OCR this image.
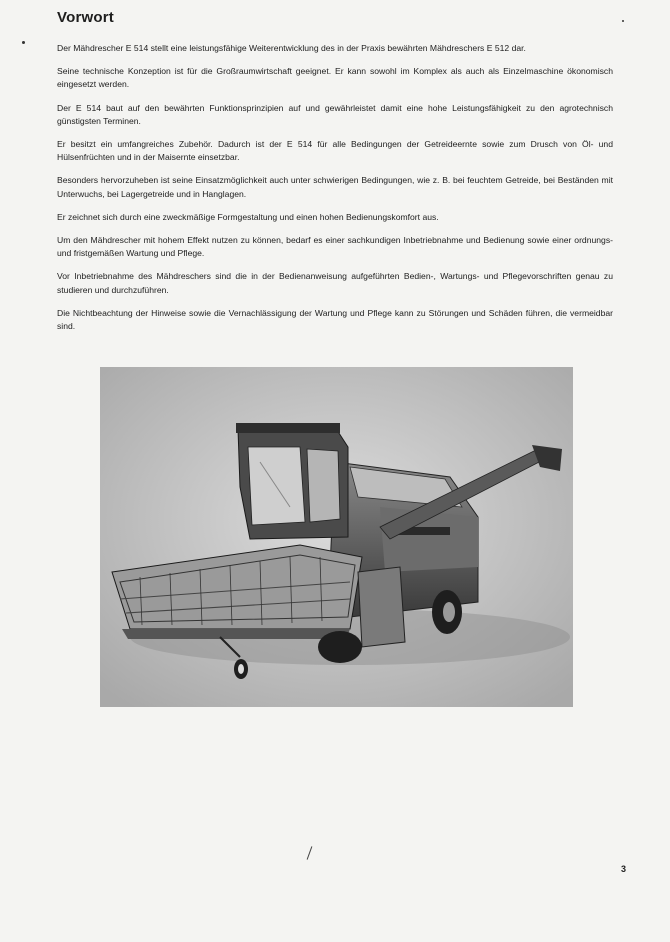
Vorwort

Der Mähdrescher E 514 stellt eine leistungsfähige Weiterentwicklung des in der Praxis bewährten Mähdreschers E 512 dar.

Seine technische Konzeption ist für die Großraumwirtschaft geeignet. Er kann sowohl im Komplex als auch als Einzelmaschine ökonomisch eingesetzt werden.

Der E 514 baut auf den bewährten Funktionsprinzipien auf und gewährleistet damit eine hohe Leistungsfähigkeit zu den agrotechnisch günstigsten Terminen.

Er besitzt ein umfangreiches Zubehör. Dadurch ist der E 514 für alle Bedingungen der Getreideernte sowie zum Drusch von Öl- und Hülsenfrüchten und in der Maisernte einsetzbar.

Besonders hervorzuheben ist seine Einsatzmöglichkeit auch unter schwierigen Bedingungen, wie z. B. bei feuchtem Getreide, bei Beständen mit Unterwuchs, bei Lagergetreide und in Hanglagen.

Er zeichnet sich durch eine zweckmäßige Formgestaltung und einen hohen Bedienungskomfort aus.

Um den Mähdrescher mit hohem Effekt nutzen zu können, bedarf es einer sachkundigen Inbetriebnahme und Bedienung sowie einer ordnungs- und fristgemäßen Wartung und Pflege.

Vor Inbetriebnahme des Mähdreschers sind die in der Bedienanweisung aufgeführten Bedien-, Wartungs- und Pflegevorschriften genau zu studieren und durchzuführen.

Die Nichtbeachtung der Hinweise sowie die Vernachlässigung der Wartung und Pflege kann zu Störungen und Schäden führen, die vermeidbar sind.

3
